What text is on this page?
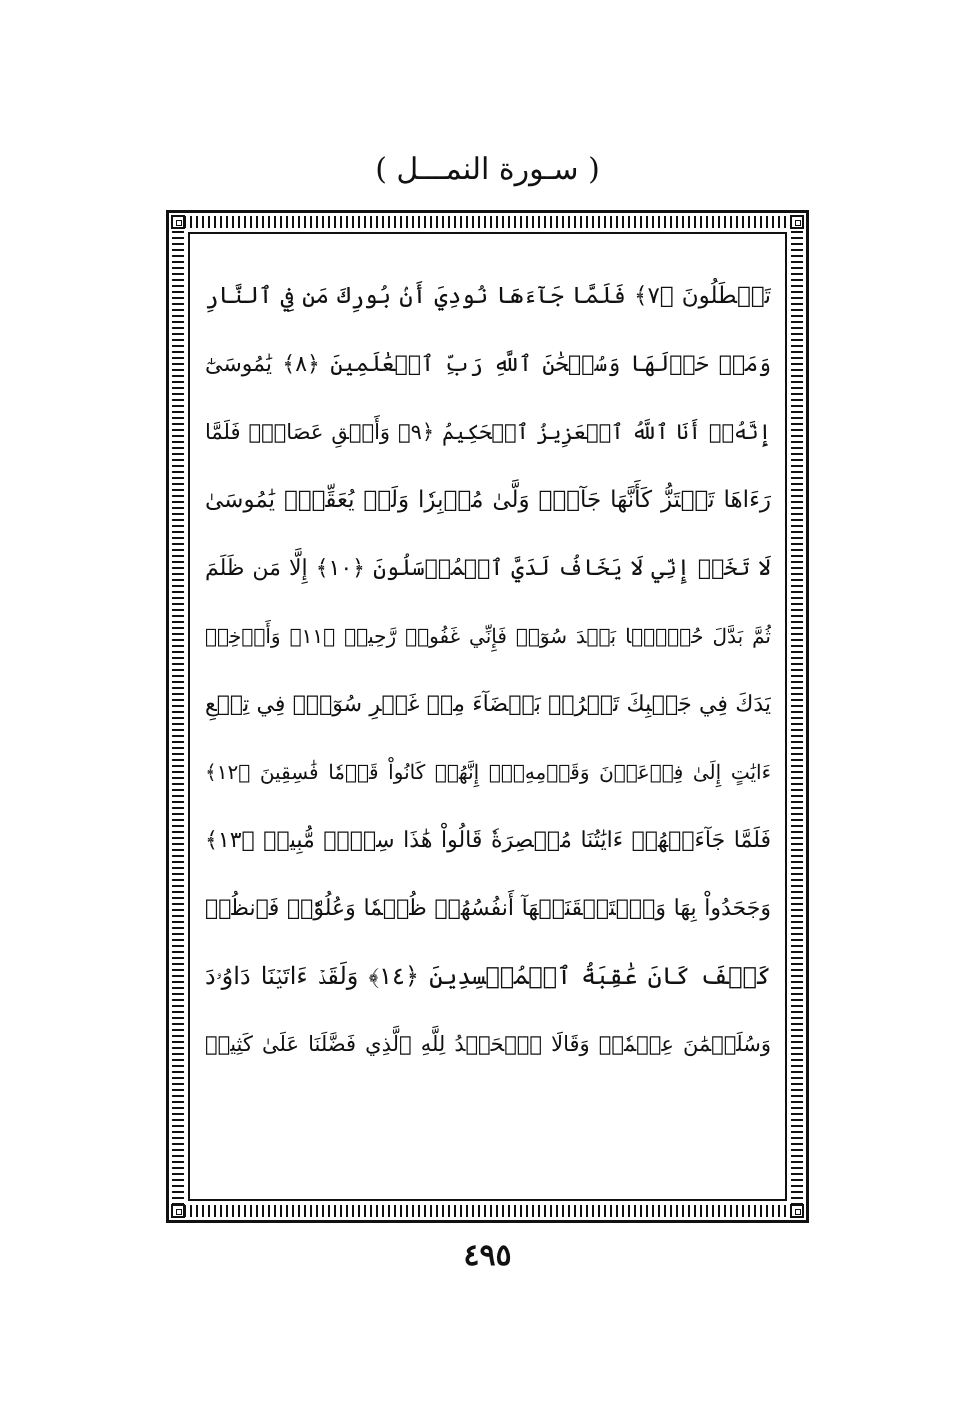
( سـورة النمـــل )
تَصۡطَلُونَ ﴿٧﴾ فَلَمَّا جَآءَهَا نُودِيَ أَنۢ بُورِكَ مَن فِي ٱلنَّارِ
وَمَنۡ حَوۡلَهَا وَسُبۡحَٰنَ ٱللَّهِ رَبِّ ٱلۡعَٰلَمِينَ ﴿٨﴾ يَٰمُوسَىٰٓ
إِنَّهُۥٓ أَنَا ٱللَّهُ ٱلۡعَزِيزُ ٱلۡحَكِيمُ ﴿٩﴾ وَأَلۡقِ عَصَاكَۚ فَلَمَّا
رَءَاهَا تَهۡتَزُّ كَأَنَّهَا جَآنّٞ وَلَّىٰ مُدۡبِرٗا وَلَمۡ يُعَقِّبۡۚ يَٰمُوسَىٰ
لَا تَخَفۡ إِنِّي لَا يَخَافُ لَدَيَّ ٱلۡمُرۡسَلُونَ ﴿١٠﴾ إِلَّا مَن ظَلَمَ
ثُمَّ بَدَّلَ حُسۡنَۢا بَعۡدَ سُوٓءٖ فَإِنِّي غَفُورٞ رَّحِيمٞ ﴿١١﴾ وَأَدۡخِلۡ
يَدَكَ فِي جَيۡبِكَ تَخۡرُجۡ بَيۡضَآءَ مِنۡ غَيۡرِ سُوٓءٖۖ فِي تِسۡعِ
ءَايَٰتٍ إِلَىٰ فِرۡعَوۡنَ وَقَوۡمِهِۦٓۚ إِنَّهُمۡ كَانُواْ قَوۡمٗا فَٰسِقِينَ ﴿١٢﴾
فَلَمَّا جَآءَتۡهُمۡ ءَايَٰتُنَا مُبۡصِرَةٗ قَالُواْ هَٰذَا سِحۡرٞ مُّبِينٞ ﴿١٣﴾
وَجَحَدُواْ بِهَا وَٱسۡتَيۡقَنَتۡهَآ أَنفُسُهُمۡ ظُلۡمٗا وَعُلُوّٗاۚ فَٱنظُرۡ
كَيۡفَ كَانَ عَٰقِبَةُ ٱلۡمُفۡسِدِينَ ﴿١٤﴾ وَلَقَدۡ ءَاتَيۡنَا دَاوُۥدَ
وَسُلَيۡمَٰنَ عِلۡمٗاۖ وَقَالَا ٱلۡحَمۡدُ لِلَّهِ ٱلَّذِي فَضَّلَنَا عَلَىٰ كَثِيرٖ
٤٩٥
